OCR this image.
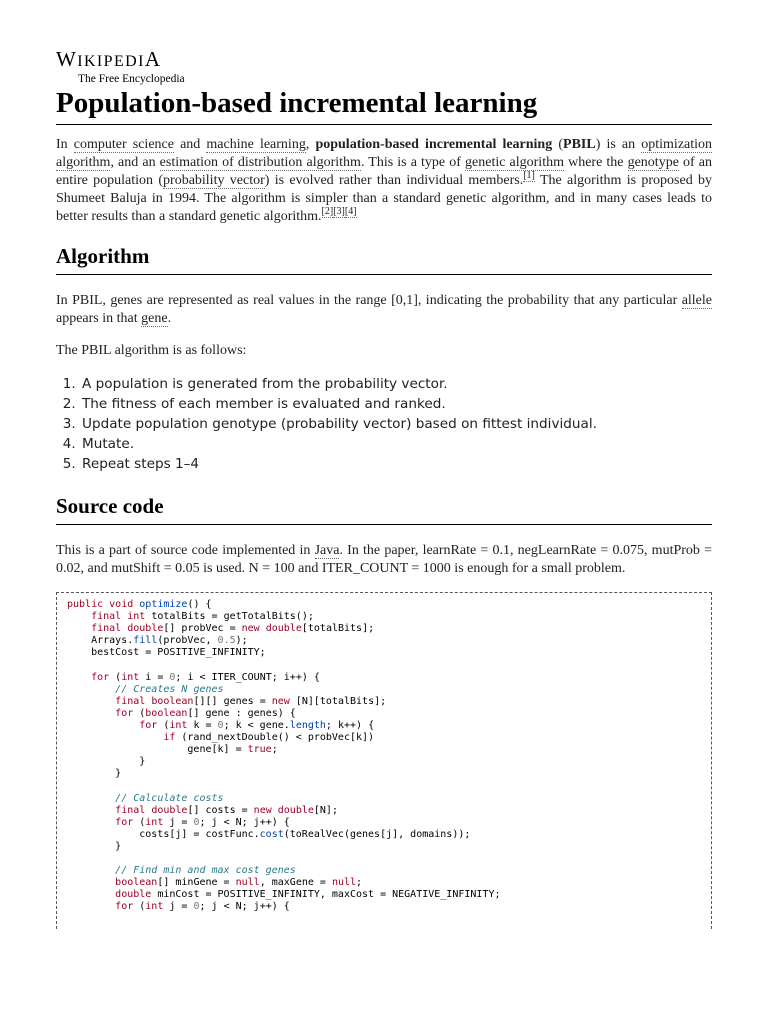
WIKIPEDIA
The Free Encyclopedia
Population-based incremental learning

In computer science and machine learning, population-based incremental learning (PBIL) is an optimization algorithm, and an estimation of distribution algorithm. This is a type of genetic algorithm where the genotype of an entire population (probability vector) is evolved rather than individual members.[1] The algorithm is proposed by Shumeet Baluja in 1994. The algorithm is simpler than a standard genetic algorithm, and in many cases leads to better results than a standard genetic algorithm.[2][3][4]

Algorithm

In PBIL, genes are represented as real values in the range [0,1], indicating the probability that any particular allele appears in that gene.

The PBIL algorithm is as follows:

1. A population is generated from the probability vector.
2. The fitness of each member is evaluated and ranked.
3. Update population genotype (probability vector) based on fittest individual.
4. Mutate.
5. Repeat steps 1–4
Source code

This is a part of source code implemented in Java. In the paper, learnRate = 0.1, negLearnRate = 0.075, mutProb = 0.02, and mutShift = 0.05 is used. N = 100 and ITER_COUNT = 1000 is enough for a small problem.

public void optimize() {
final int totalBits = getTotalBits();
final double[] probVec = new double[totalBits];
Arrays.fill(probVec, 0.5);
bestCost = POSITIVE_INFINITY;

for (int i = 0; i < ITER_COUNT; i++) {
// Creates N genes
final boolean[][] genes = new [N][totalBits];
for (boolean[] gene : genes) {
for (int k = 0; k < gene.length; k++) {
if (rand_nextDouble() < probVec[k])
gene[k] = true;
}
}

// Calculate costs
final double[] costs = new double[N];
for (int j = 0; j < N; j++) {
costs[j] = costFunc.cost(toRealVec(genes[j], domains));
}

// Find min and max cost genes
boolean[] minGene = null, maxGene = null;
double minCost = POSITIVE_INFINITY, maxCost = NEGATIVE_INFINITY;
for (int j = 0; j < N; j++) {
